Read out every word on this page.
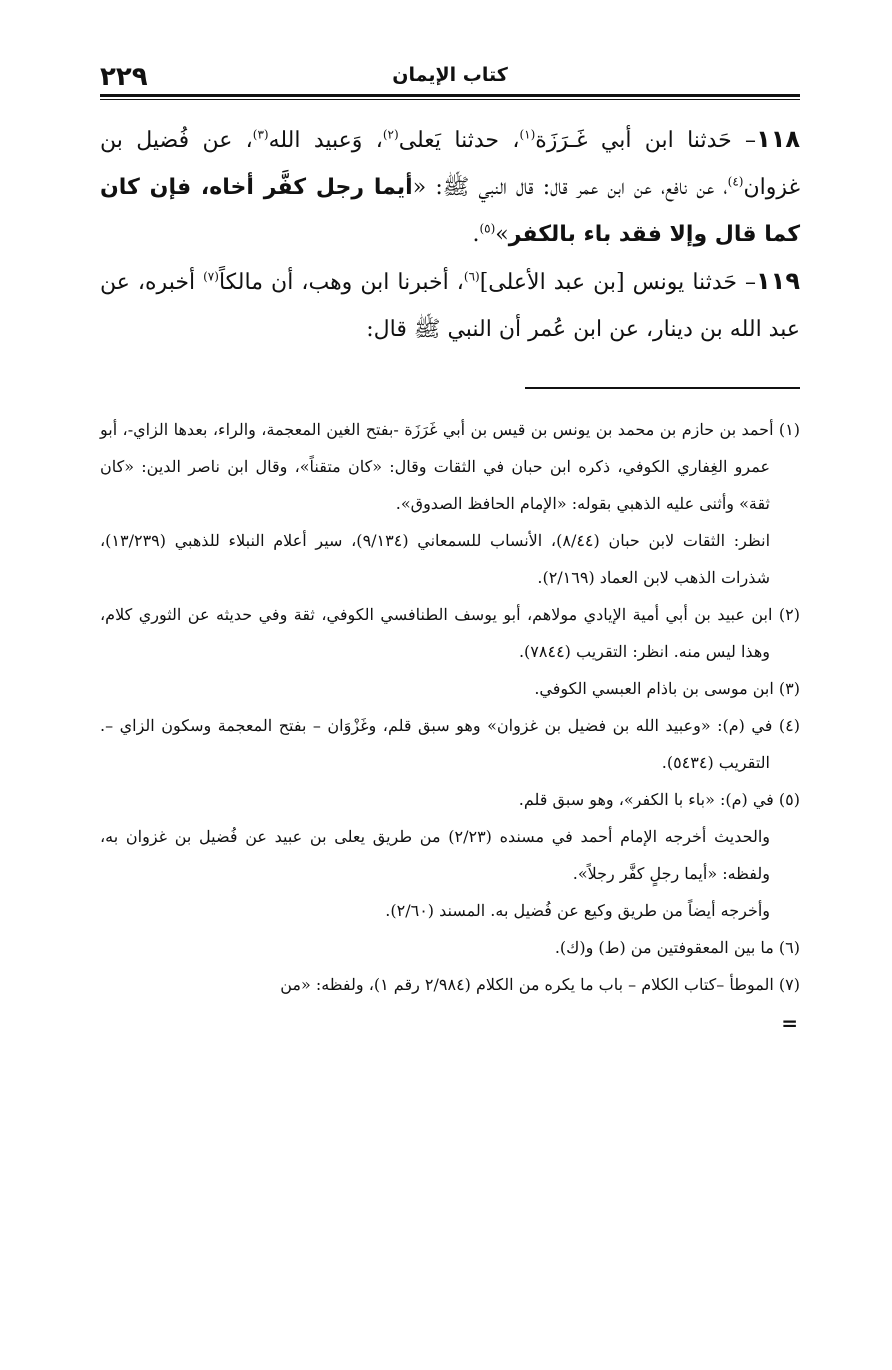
٢٢٩	كتاب الإيمان

١١٨– حَدثنا ابن أبي غَـرَزَة$^{(١)}$، حدثنا يَعلى$^{(٢)}$، وَعبيد الله$^{(٣)}$، عن فُضيل بن غزوان$^{(٤)}$، عن نافع، عن ابن عمر قال: قال النبي ﷺ: «أيما رجل كفَّر أخاه، فإن كان كما قال وإلا فقد باء بالكفر»$^{(٥)}$.

١١٩– حَدثنا يونس [بن عبد الأعلى]$^{(٦)}$، أخبرنا ابن وهب، أن مالكاً$^{(٧)}$ أخبره، عن عبد الله بن دينار، عن ابن عُمر أن النبي ﷺ قال:

(١) أحمد بن حازم بن محمد بن يونس بن قيس بن أبي غَرَزَة -بفتح الغين المعجمة، والراء، بعدها الزاي-، أبو عمرو الغِفاري الكوفي، ذكره ابن حبان في الثقات وقال: «كان متقناً»، وقال ابن ناصر الدين: «كان ثقة» وأثنى عليه الذهبي بقوله: «الإمام الحافظ الصدوق».

انظر: الثقات لابن حبان (٨/٤٤)، الأنساب للسمعاني (٩/١٣٤)، سير أعلام النبلاء للذهبي (١٣/٢٣٩)، شذرات الذهب لابن العماد (٢/١٦٩).

(٢) ابن عبيد بن أبي أمية الإيادي مولاهم، أبو يوسف الطنافسي الكوفي، ثقة وفي حديثه عن الثوري كلام، وهذا ليس منه. انظر: التقريب (٧٨٤٤).

(٣) ابن موسى بن باذام العبسي الكوفي.

(٤) في (م): «وعبيد الله بن فضيل بن غزوان» وهو سبق قلم، وغَزْوَان – بفتح المعجمة وسكون الزاي –. التقريب (٥٤٣٤).

(٥) في (م): «باء با الكفر»، وهو سبق قلم.

والحديث أخرجه الإمام أحمد في مسنده (٢/٢٣) من طريق يعلى بن عبيد عن فُضيل بن غزوان به، ولفظه: «أيما رجلٍ كفَّر رجلاً».

وأخرجه أيضاً من طريق وكيع عن فُضيل به. المسند (٢/٦٠).

(٦) ما بين المعقوفتين من (ط) و(ك).

(٧) الموطأ –كتاب الكلام – باب ما يكره من الكلام (٢/٩٨٤ رقم ١)، ولفظه: «من

=
